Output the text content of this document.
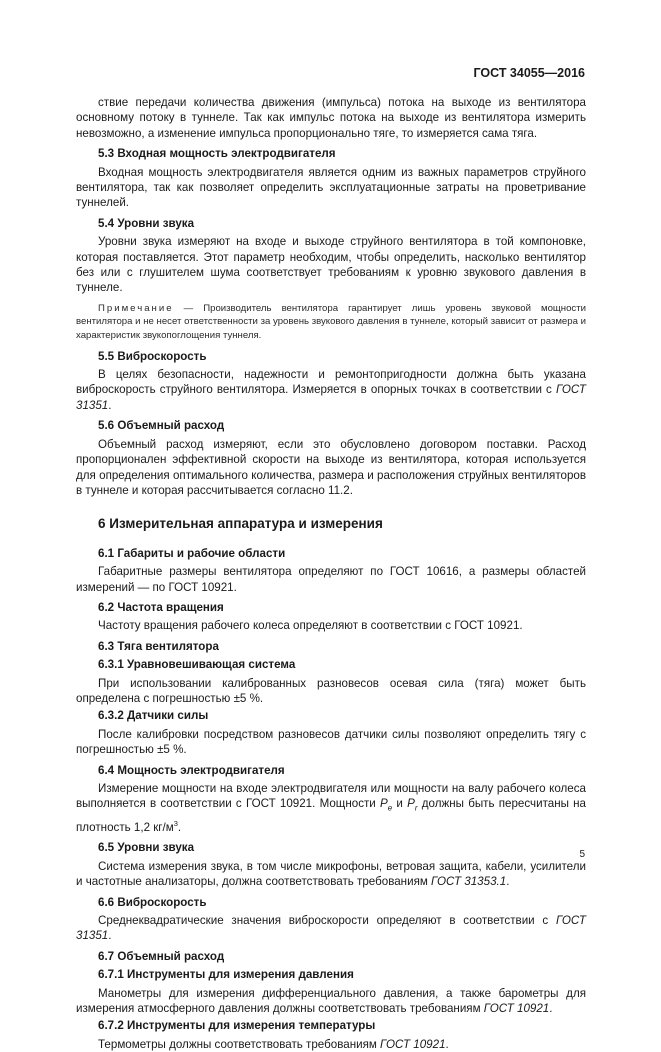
ГОСТ 34055—2016

ствие передачи количества движения (импульса) потока на выходе из вентилятора основному потоку в туннеле. Так как импульс потока на выходе из вентилятора измерить невозможно, а изменение импульса пропорционально тяге, то измеряется сама тяга.

5.3 Входная мощность электродвигателя

Входная мощность электродвигателя является одним из важных параметров струйного вентилятора, так как позволяет определить эксплуатационные затраты на проветривание туннелей.

5.4 Уровни звука

Уровни звука измеряют на входе и выходе струйного вентилятора в той компоновке, которая поставляется. Этот параметр необходим, чтобы определить, насколько вентилятор без или с глушителем шума соответствует требованиям к уровню звукового давления в туннеле.

Примечание — Производитель вентилятора гарантирует лишь уровень звуковой мощности вентилятора и не несет ответственности за уровень звукового давления в туннеле, который зависит от размера и характеристик звукопоглощения туннеля.

5.5 Виброскорость

В целях безопасности, надежности и ремонтопригодности должна быть указана виброскорость струйного вентилятора. Измеряется в опорных точках в соответствии с ГОСТ 31351.

5.6 Объемный расход

Объемный расход измеряют, если это обусловлено договором поставки. Расход пропорционален эффективной скорости на выходе из вентилятора, которая используется для определения оптимального количества, размера и расположения струйных вентиляторов в туннеле и которая рассчитывается согласно 11.2.

6 Измерительная аппаратура и измерения

6.1 Габариты и рабочие области

Габаритные размеры вентилятора определяют по ГОСТ 10616, а размеры областей измерений — по ГОСТ 10921.

6.2 Частота вращения

Частоту вращения рабочего колеса определяют в соответствии с ГОСТ 10921.

6.3 Тяга вентилятора

6.3.1 Уравновешивающая система

При использовании калиброванных разновесов осевая сила (тяга) может быть определена с погрешностью ±5 %.

6.3.2 Датчики силы

После калибровки посредством разновесов датчики силы позволяют определить тягу с погрешностью ±5 %.

6.4 Мощность электродвигателя

Измерение мощности на входе электродвигателя или мощности на валу рабочего колеса выполняется в соответствии с ГОСТ 10921. Мощности $P_e$ и $P_r$ должны быть пересчитаны на плотность 1,2 $кг/м^3$.

6.5 Уровни звука

Система измерения звука, в том числе микрофоны, ветровая защита, кабели, усилители и частотные анализаторы, должна соответствовать требованиям ГОСТ 31353.1.

6.6 Виброскорость

Среднеквадратические значения виброскорости определяют в соответствии с ГОСТ 31351.

6.7 Объемный расход

6.7.1 Инструменты для измерения давления

Манометры для измерения дифференциального давления, а также барометры для измерения атмосферного давления должны соответствовать требованиям ГОСТ 10921.

6.7.2 Инструменты для измерения температуры

Термометры должны соответствовать требованиям ГОСТ 10921.

5
